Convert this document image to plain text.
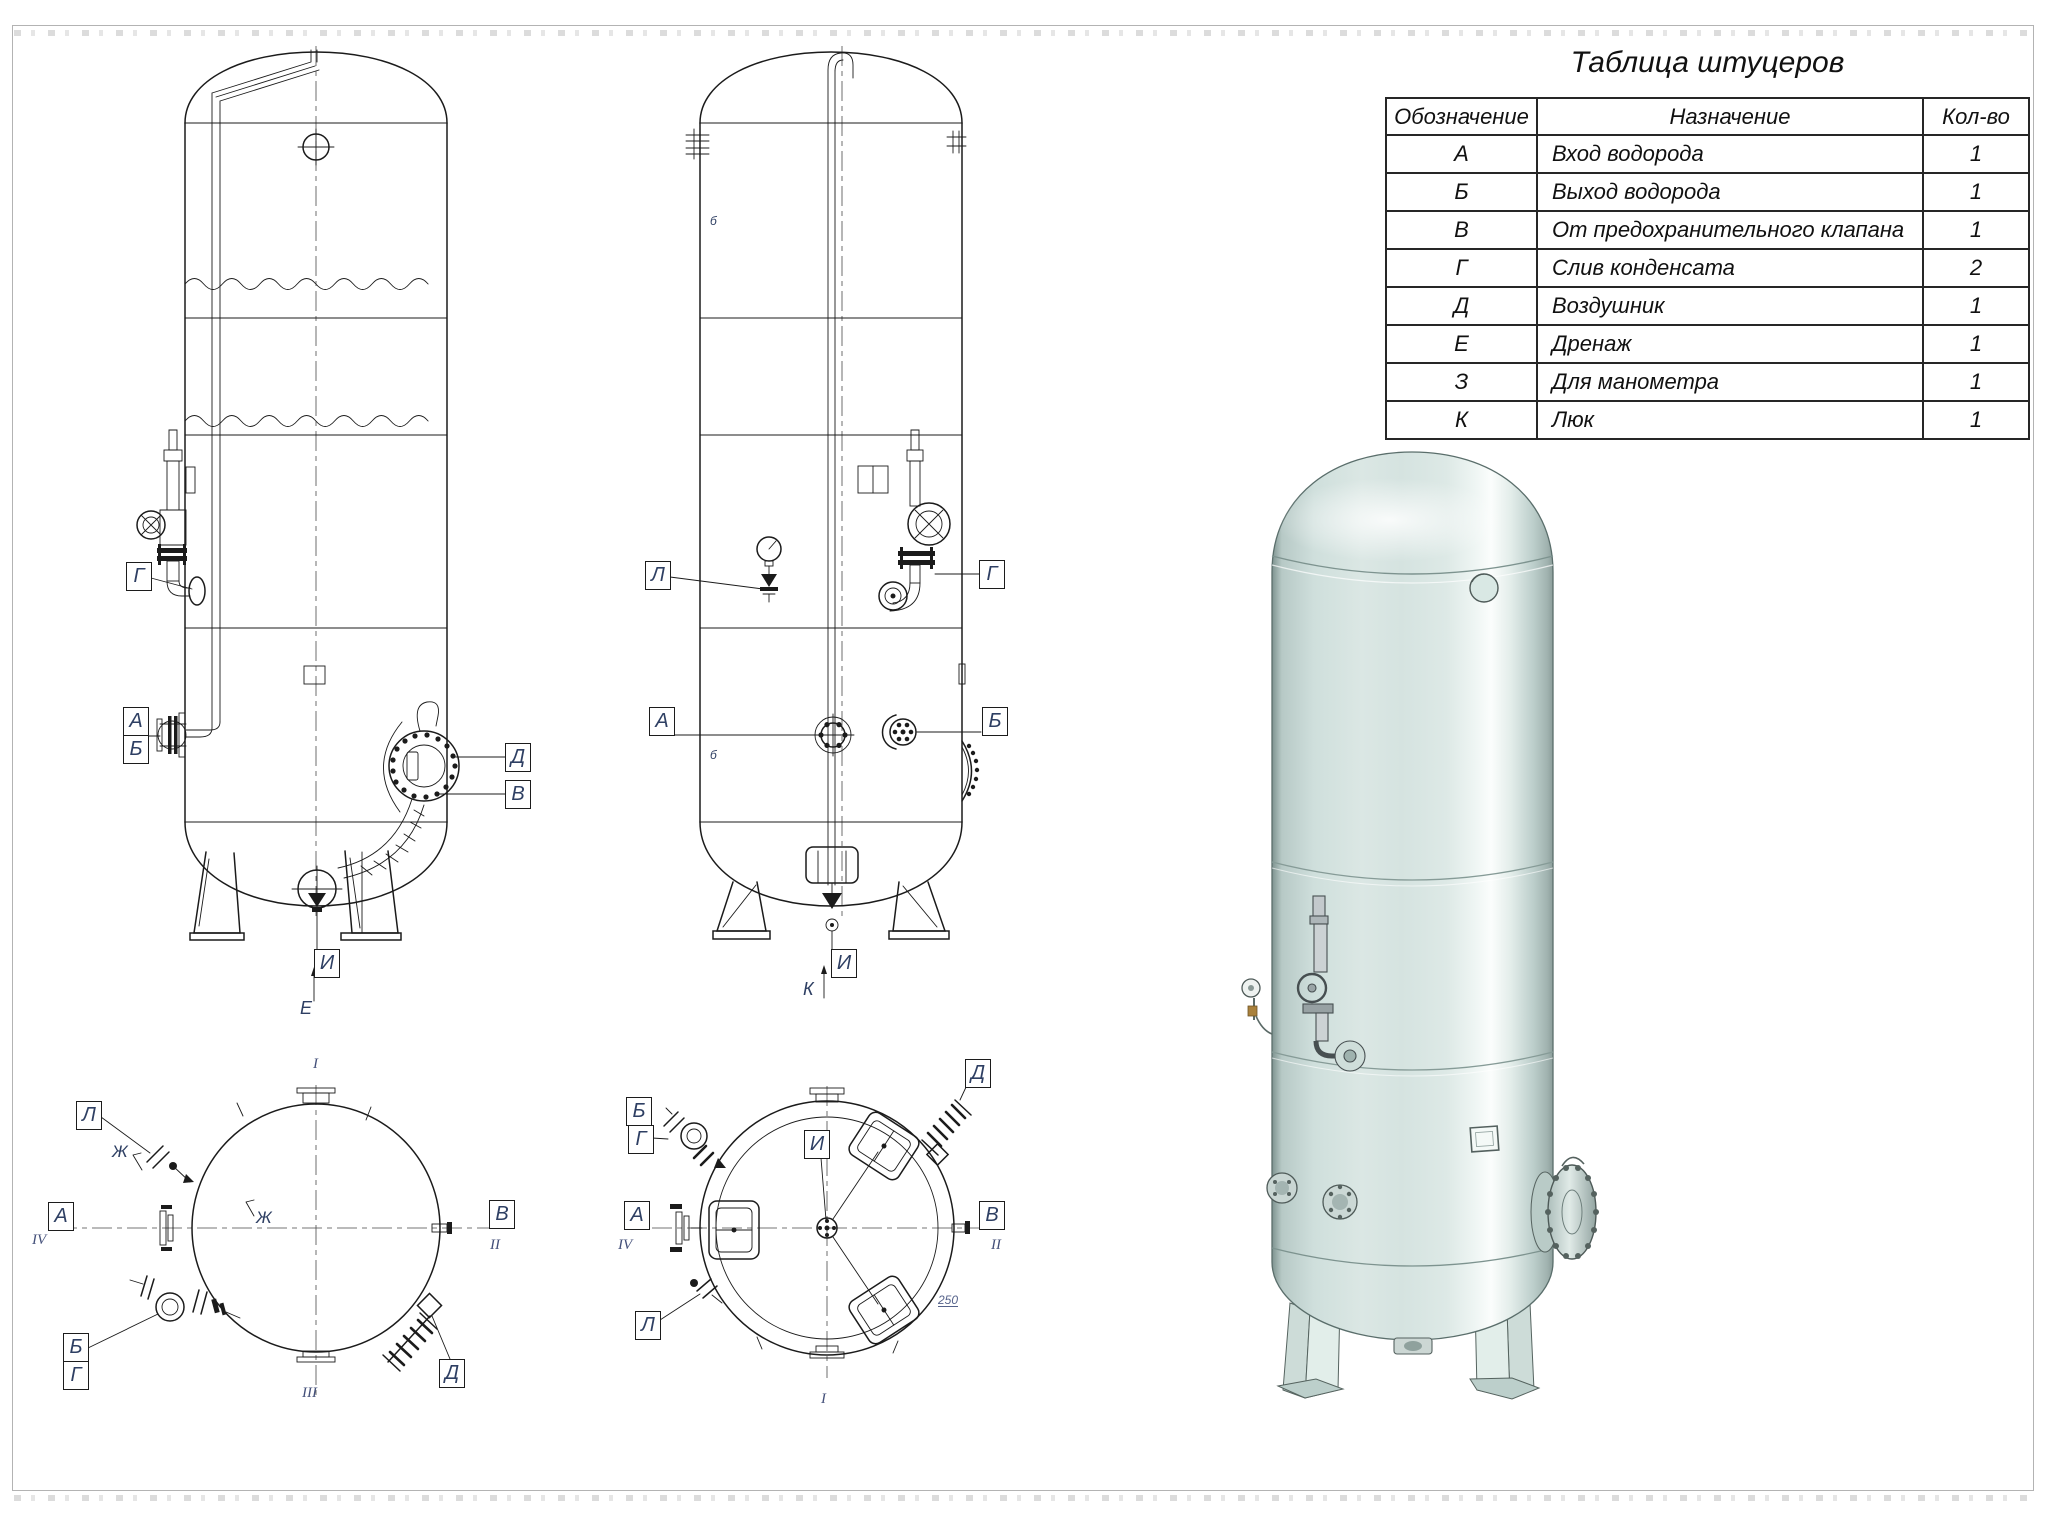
Таблица штуцеров
Обозначение	Назначение	Кол-во
А	Вход водорода	1
Б	Выход водорода	1
В	От предохранительного клапана	1
Г	Слив конденсата	2
Д	Воздушник	1
Е	Дренаж	1
З	Для манометра	1
К	Люк	1
Г
А
Б	Д
В
И
Л	Г
А	Б
И
Л
А	В
Б
Г	Д
Б
Г
Д
И
А	В
Л
Е
К
Ж
Ж
б
б
I
IV	II
III
IV	II
I
250
